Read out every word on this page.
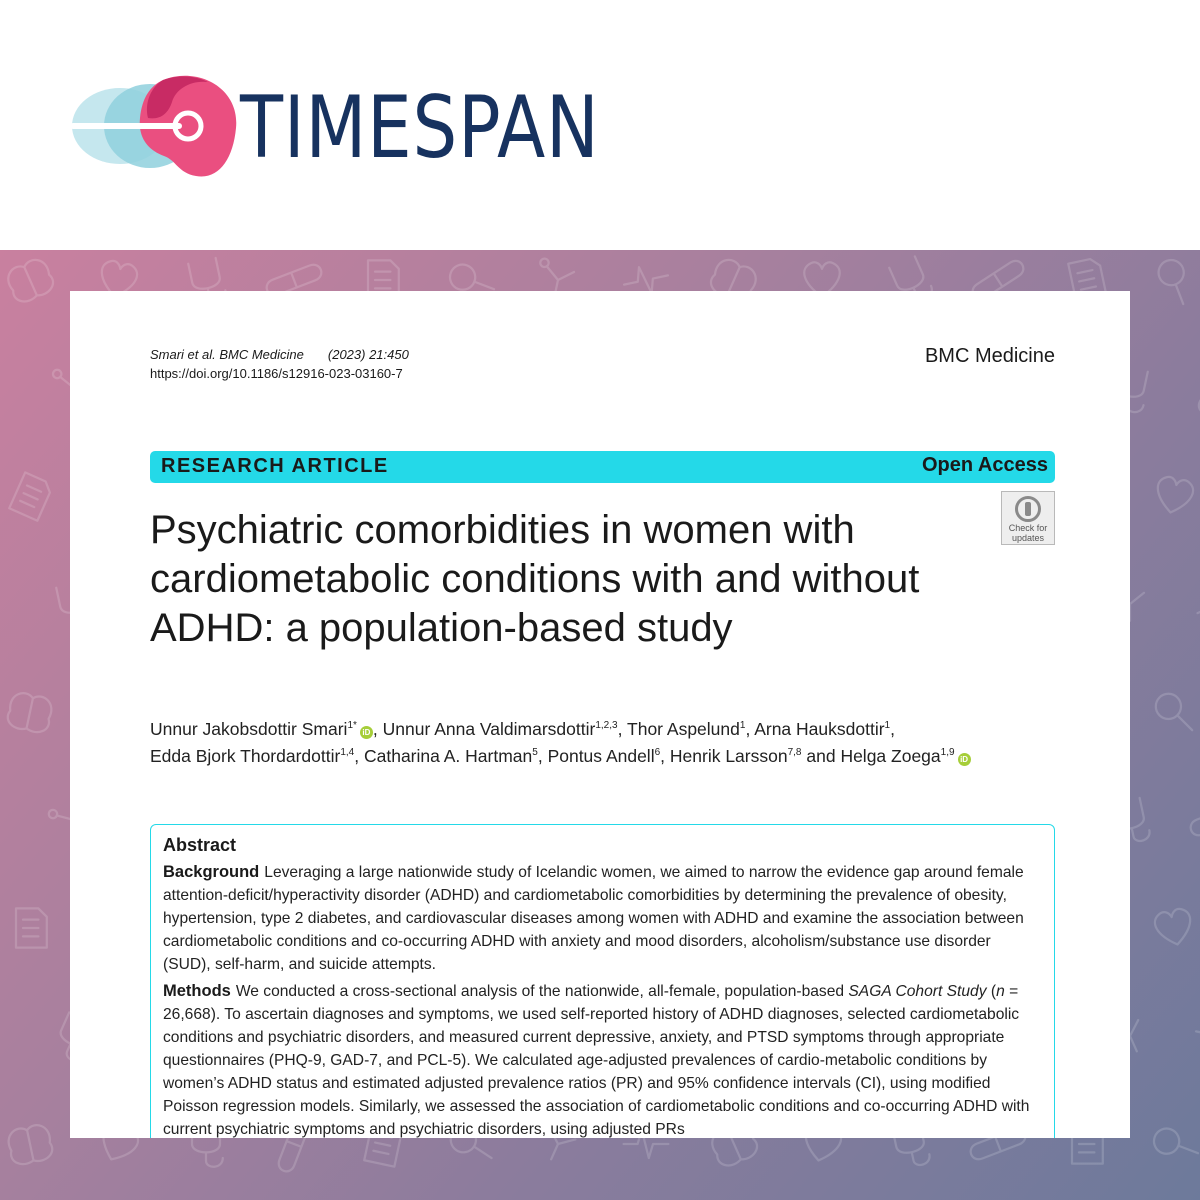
TIMESPAN
Smari et al. BMC Medicine (2023) 21:450
https://doi.org/10.1186/s12916-023-03160-7
BMC Medicine
RESEARCH ARTICLE	Open Access
Check for
updates
Psychiatric comorbidities in women with cardiometabolic conditions with and without ADHD: a population-based study
Unnur Jakobsdottir Smari$^{1*}$iD , Unnur Anna Valdimarsdottir$^{1,2,3}$, Thor Aspelund$^1$, Arna Hauksdottir$^1$,
Edda Bjork Thordardottir$^{1,4}$, Catharina A. Hartman$^5$, Pontus Andell$^6$, Henrik Larsson$^{7,8}$ and Helga Zoega$^{1,9}$iD
Abstract

Background Leveraging a large nationwide study of Icelandic women, we aimed to narrow the evidence gap around female attention-deficit/hyperactivity disorder (ADHD) and cardiometabolic comorbidities by determining the prevalence of obesity, hypertension, type 2 diabetes, and cardiovascular diseases among women with ADHD and examine the association between cardiometabolic conditions and co-occurring ADHD with anxiety and mood disorders, alcoholism/substance use disorder (SUD), self-harm, and suicide attempts.

Methods We conducted a cross-sectional analysis of the nationwide, all-female, population-based SAGA Cohort Study (n = 26,668). To ascertain diagnoses and symptoms, we used self-reported history of ADHD diagnoses, selected cardiometabolic conditions and psychiatric disorders, and measured current depressive, anxiety, and PTSD symptoms through appropriate questionnaires (PHQ-9, GAD-7, and PCL-5). We calculated age-adjusted prevalences of cardio-metabolic conditions by women’s ADHD status and estimated adjusted prevalence ratios (PR) and 95% confidence intervals (CI), using modified Poisson regression models. Similarly, we assessed the association of cardiometabolic conditions and co-occurring ADHD with current psychiatric symptoms and psychiatric disorders, using adjusted PRs
